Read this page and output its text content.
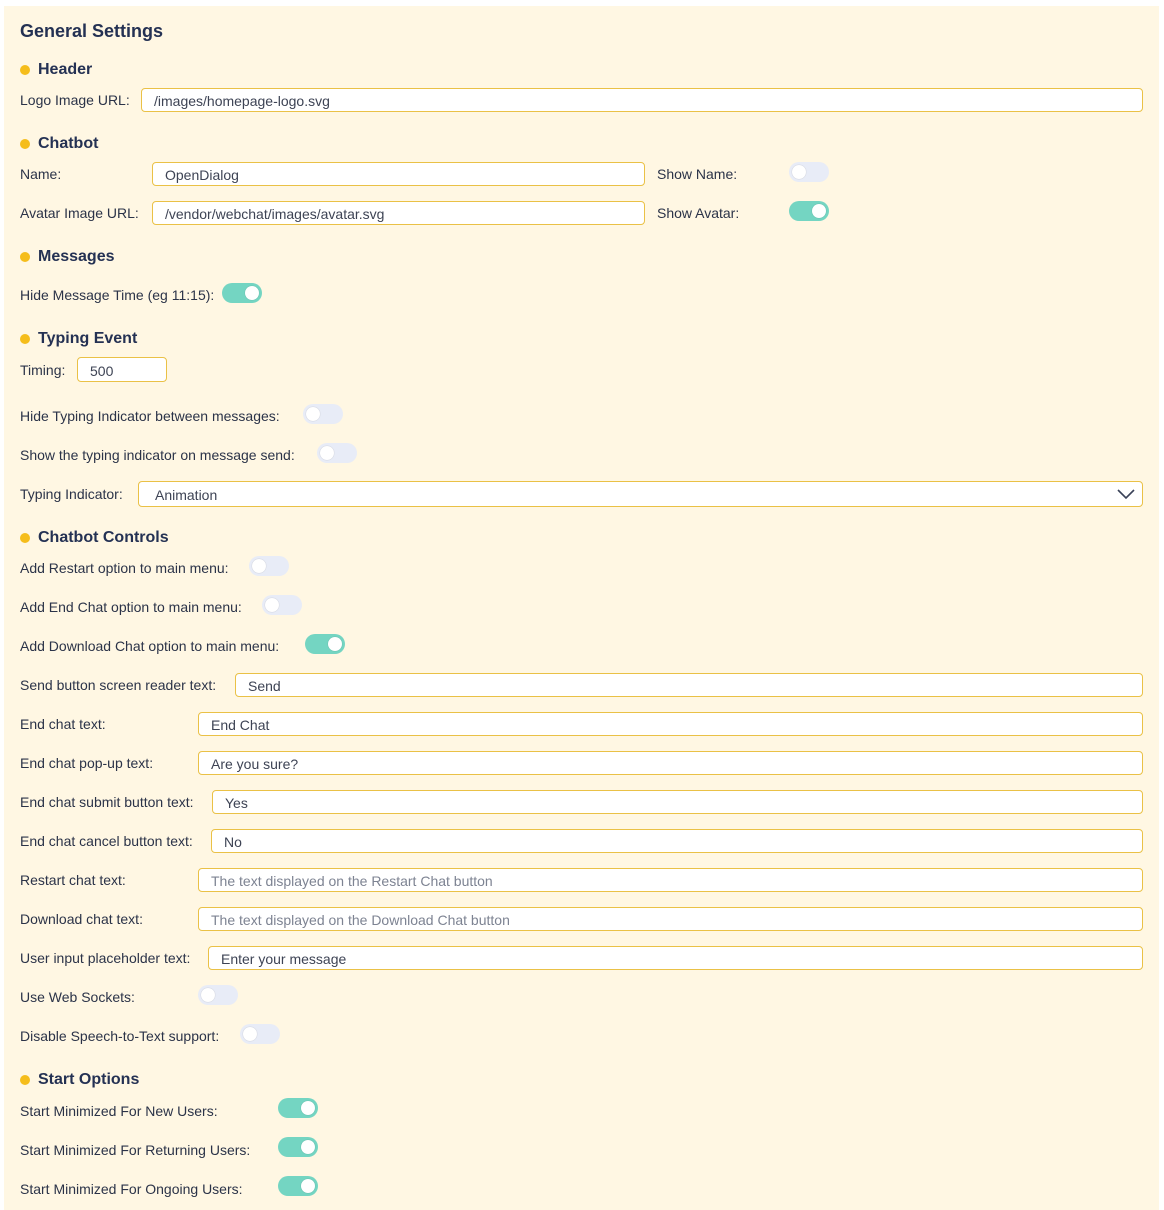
General Settings
Header
Logo Image URL:
/images/homepage-logo.svg
Chatbot
Name:
OpenDialog	Show Name:
Avatar Image URL:
/vendor/webchat/images/avatar.svg	Show Avatar:
Messages
Hide Message Time (eg 11:15):
Typing Event
Timing:
500
Hide Typing Indicator between messages:
Show the typing indicator on message send:
Typing Indicator:	Animation
Chatbot Controls
Add Restart option to main menu:
Add End Chat option to main menu:
Add Download Chat option to main menu:
Send button screen reader text:
Send
End chat text:
End Chat
End chat pop-up text:
Are you sure?
End chat submit button text:
Yes
End chat cancel button text:
No
Restart chat text:
The text displayed on the Restart Chat button
Download chat text:
The text displayed on the Download Chat button
User input placeholder text:
Enter your message
Use Web Sockets:
Disable Speech-to-Text support:
Start Options
Start Minimized For New Users:
Start Minimized For Returning Users:
Start Minimized For Ongoing Users:
